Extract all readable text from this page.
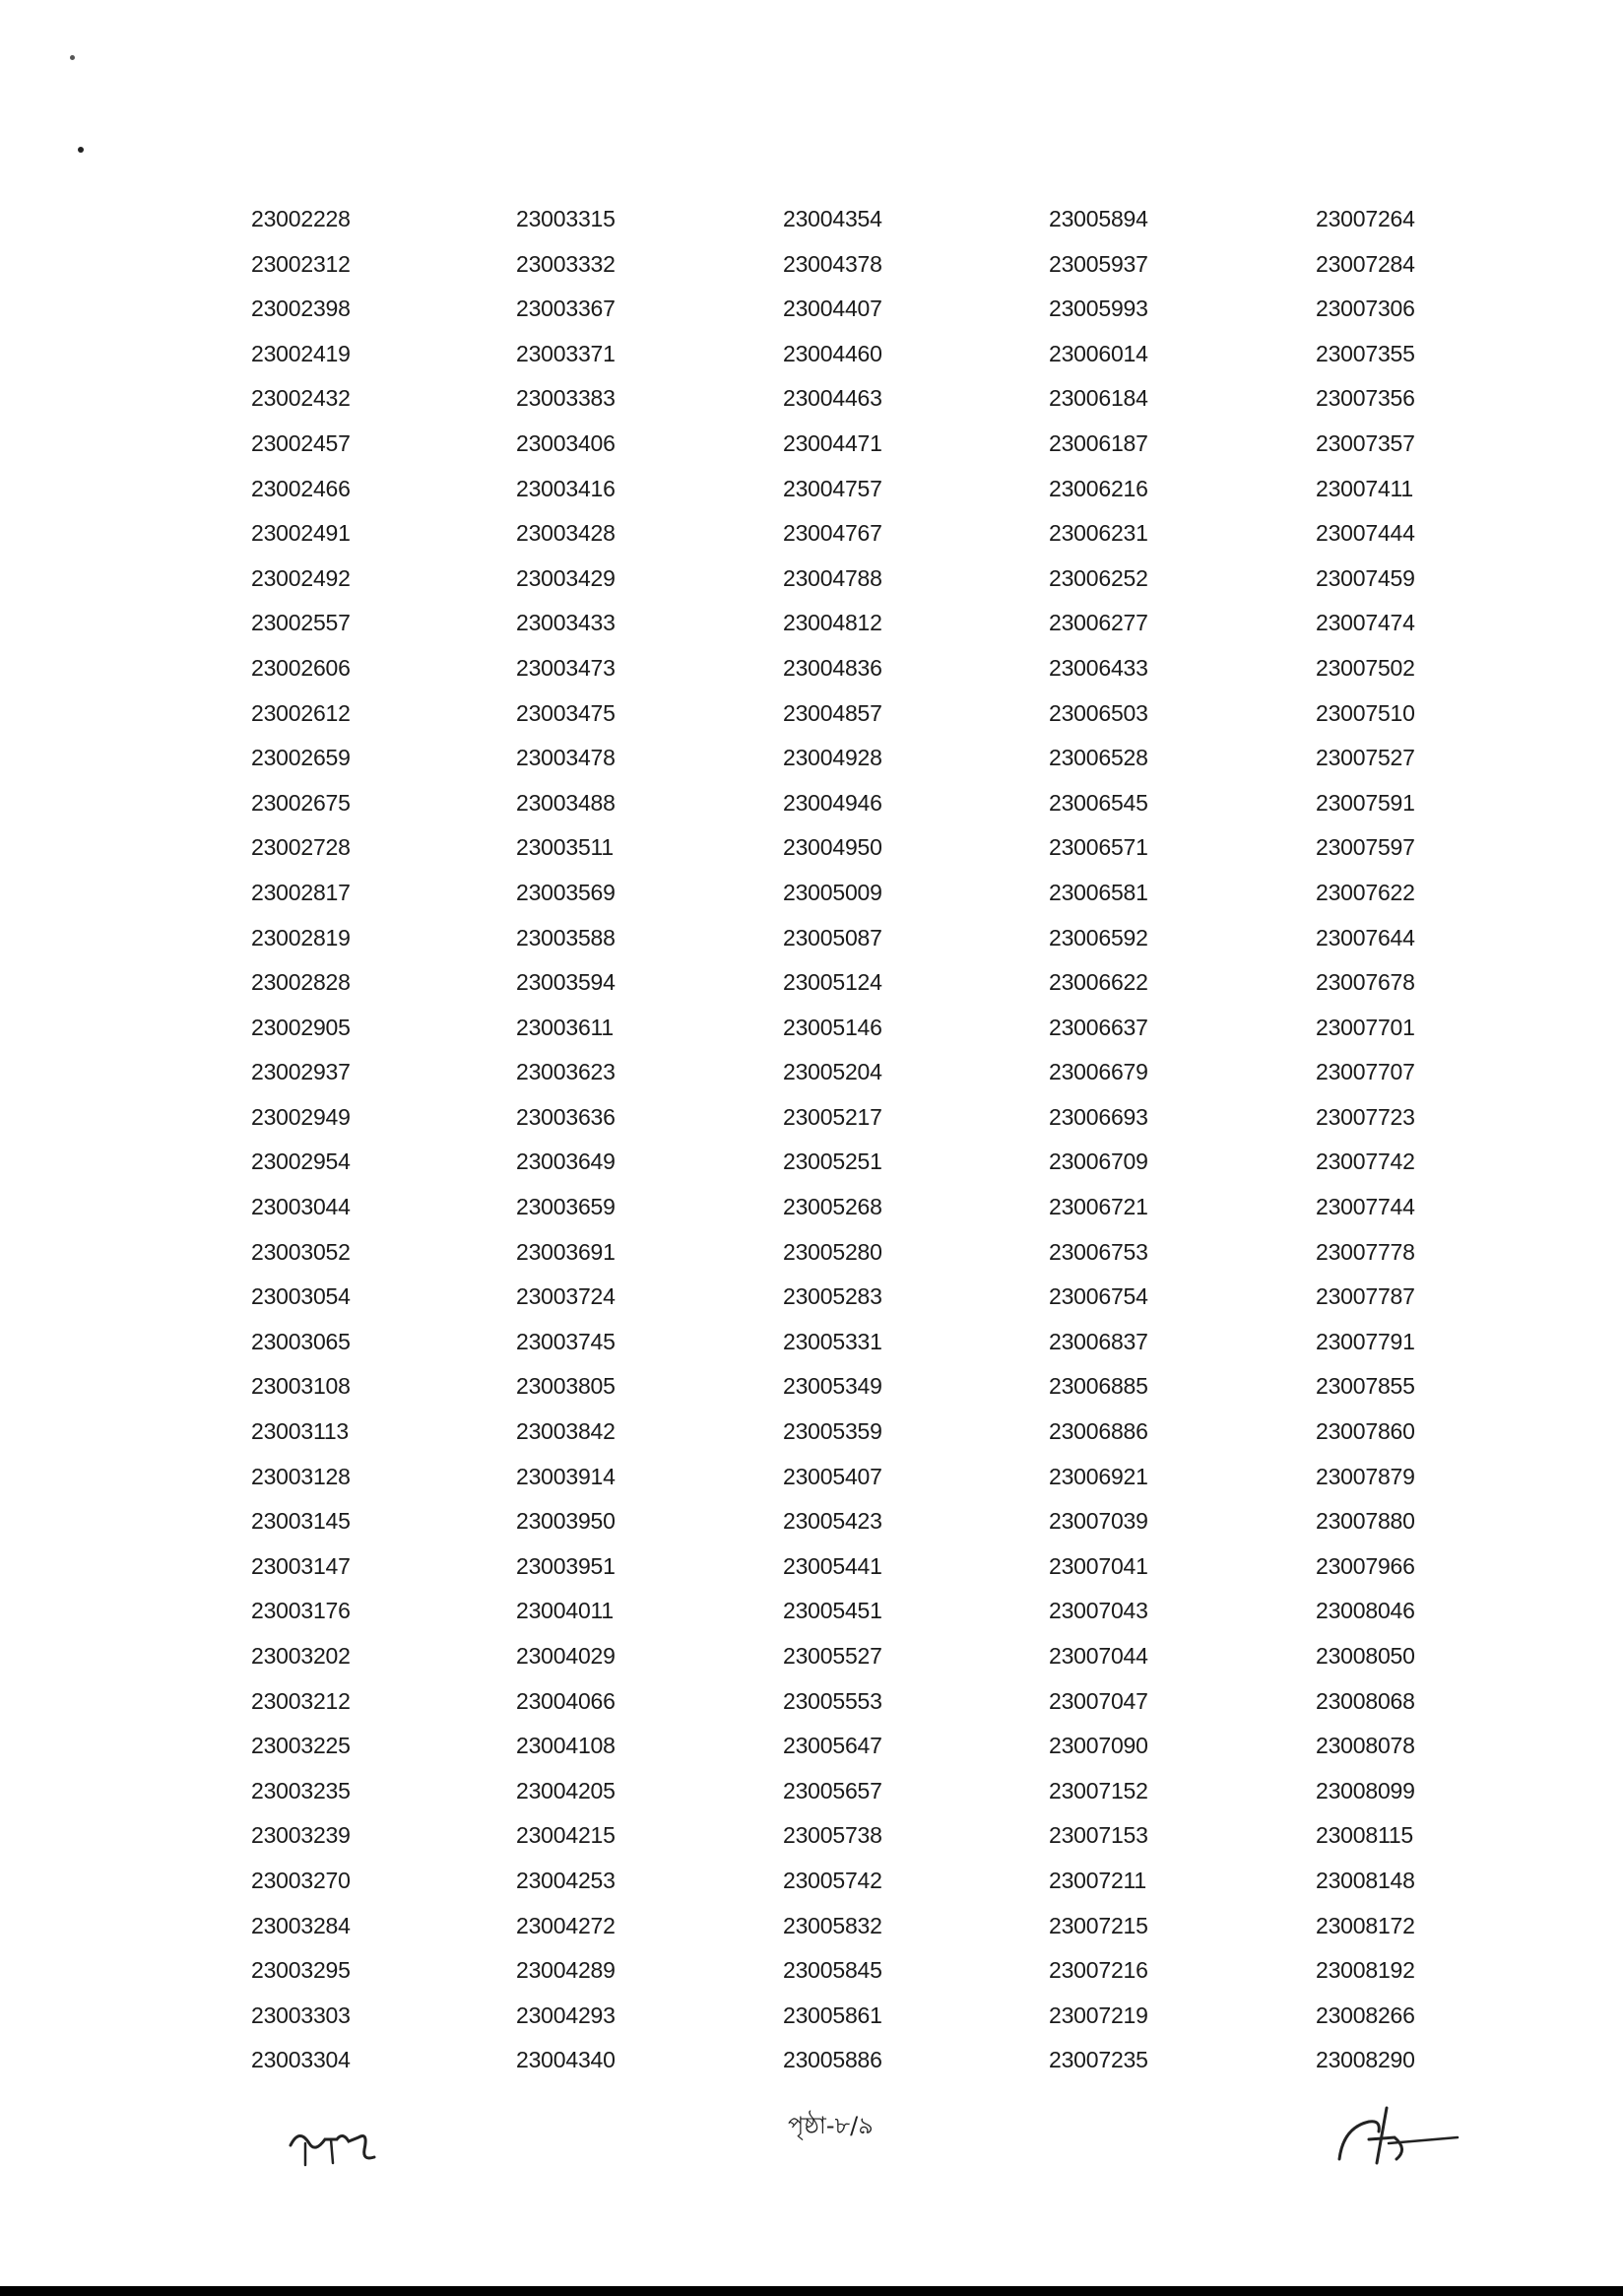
23002228
23002312
23002398
23002419
23002432
23002457
23002466
23002491
23002492
23002557
23002606
23002612
23002659
23002675
23002728
23002817
23002819
23002828
23002905
23002937
23002949
23002954
23003044
23003052
23003054
23003065
23003108
23003113
23003128
23003145
23003147
23003176
23003202
23003212
23003225
23003235
23003239
23003270
23003284
23003295
23003303
23003304
23003315
23003332
23003367
23003371
23003383
23003406
23003416
23003428
23003429
23003433
23003473
23003475
23003478
23003488
23003511
23003569
23003588
23003594
23003611
23003623
23003636
23003649
23003659
23003691
23003724
23003745
23003805
23003842
23003914
23003950
23003951
23004011
23004029
23004066
23004108
23004205
23004215
23004253
23004272
23004289
23004293
23004340
23004354
23004378
23004407
23004460
23004463
23004471
23004757
23004767
23004788
23004812
23004836
23004857
23004928
23004946
23004950
23005009
23005087
23005124
23005146
23005204
23005217
23005251
23005268
23005280
23005283
23005331
23005349
23005359
23005407
23005423
23005441
23005451
23005527
23005553
23005647
23005657
23005738
23005742
23005832
23005845
23005861
23005886
23005894
23005937
23005993
23006014
23006184
23006187
23006216
23006231
23006252
23006277
23006433
23006503
23006528
23006545
23006571
23006581
23006592
23006622
23006637
23006679
23006693
23006709
23006721
23006753
23006754
23006837
23006885
23006886
23006921
23007039
23007041
23007043
23007044
23007047
23007090
23007152
23007153
23007211
23007215
23007216
23007219
23007235
23007264
23007284
23007306
23007355
23007356
23007357
23007411
23007444
23007459
23007474
23007502
23007510
23007527
23007591
23007597
23007622
23007644
23007678
23007701
23007707
23007723
23007742
23007744
23007778
23007787
23007791
23007855
23007860
23007879
23007880
23007966
23008046
23008050
23008068
23008078
23008099
23008115
23008148
23008172
23008192
23008266
23008290
পৃষ্ঠা-৮/৯
